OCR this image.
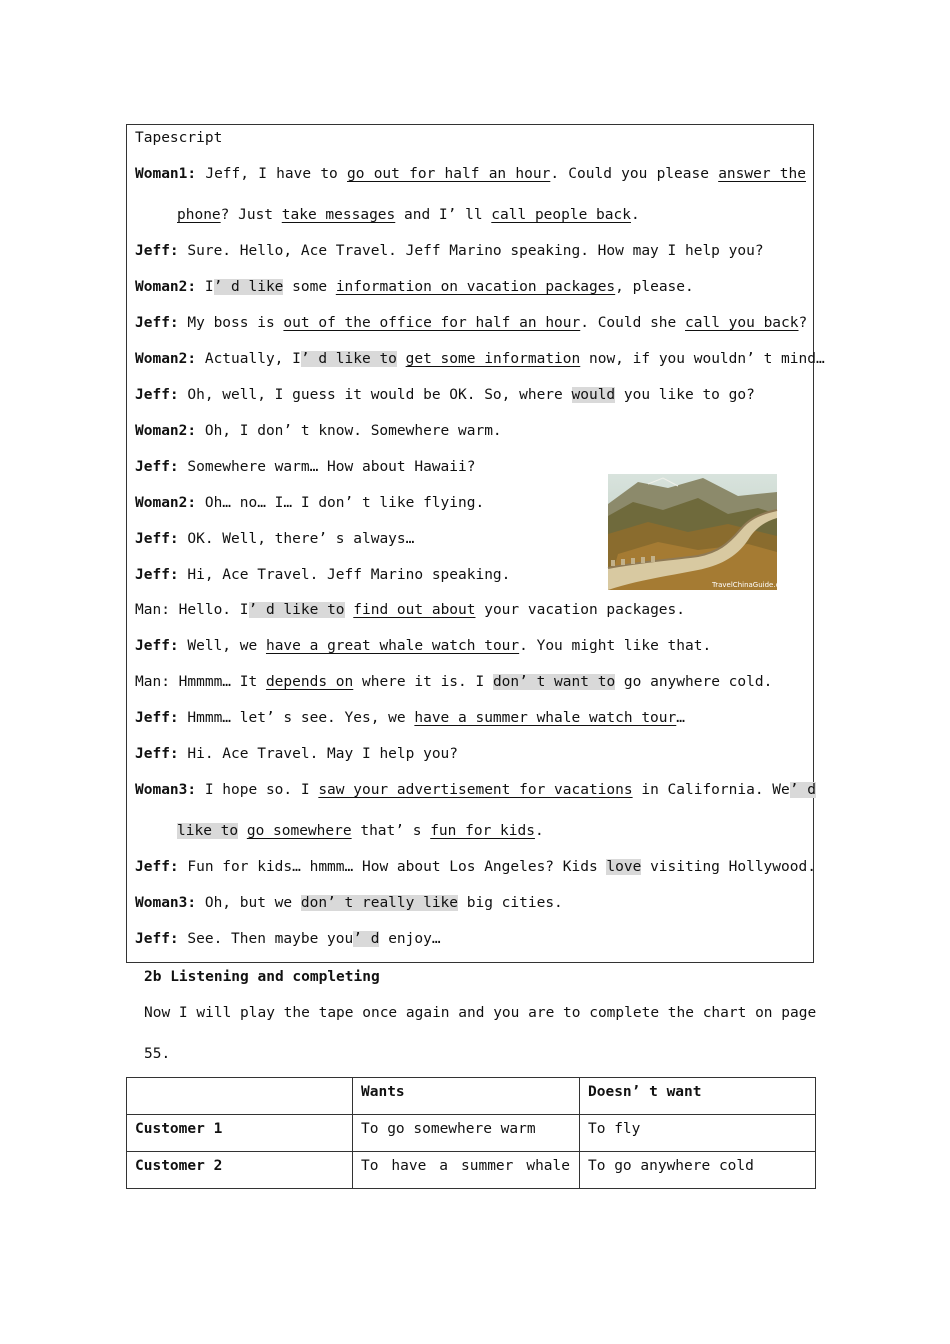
Tapescript
Woman1: Jeff, I have to go out for half an hour. Could you please answer the
phone? Just take messages and I’ ll call people back.
Jeff: Sure. Hello, Ace Travel. Jeff Marino speaking. How may I help you?
Woman2: I’ d like some information on vacation packages, please.
Jeff: My boss is out of the office for half an hour. Could she call you back?
Woman2: Actually, I’ d like to get some information now, if you wouldn’ t mind…
Jeff: Oh, well, I guess it would be OK. So, where would you like to go?
Woman2: Oh, I don’ t know. Somewhere warm.
Jeff: Somewhere warm… How about Hawaii?
Woman2: Oh… no… I… I don’ t like flying.
Jeff: OK. Well, there’ s always…
Jeff: Hi, Ace Travel. Jeff Marino speaking.
Man: Hello. I’ d like to find out about your vacation packages.
Jeff: Well, we have a great whale watch tour. You might like that.
Man: Hmmmm… It depends on where it is. I don’ t want to go anywhere cold.
Jeff: Hmmm… let’ s see. Yes, we have a summer whale watch tour…
Jeff: Hi. Ace Travel. May I help you?
Woman3: I hope so. I saw your advertisement for vacations in California. We’ d
like to go somewhere that’ s fun for kids.
Jeff: Fun for kids… hmmm… How about Los Angeles? Kids love visiting Hollywood.
Woman3: Oh, but we don’ t really like big cities.
Jeff: See. Then maybe you’ d enjoy…
TravelChinaGuide.com
2b Listening and completing
Now I will play the tape once again and you are to complete the chart on page
55.
	Wants	Doesn’ t want
Customer 1	To go somewhere warm	To fly
Customer 2	To have a summer whale	To go anywhere cold
